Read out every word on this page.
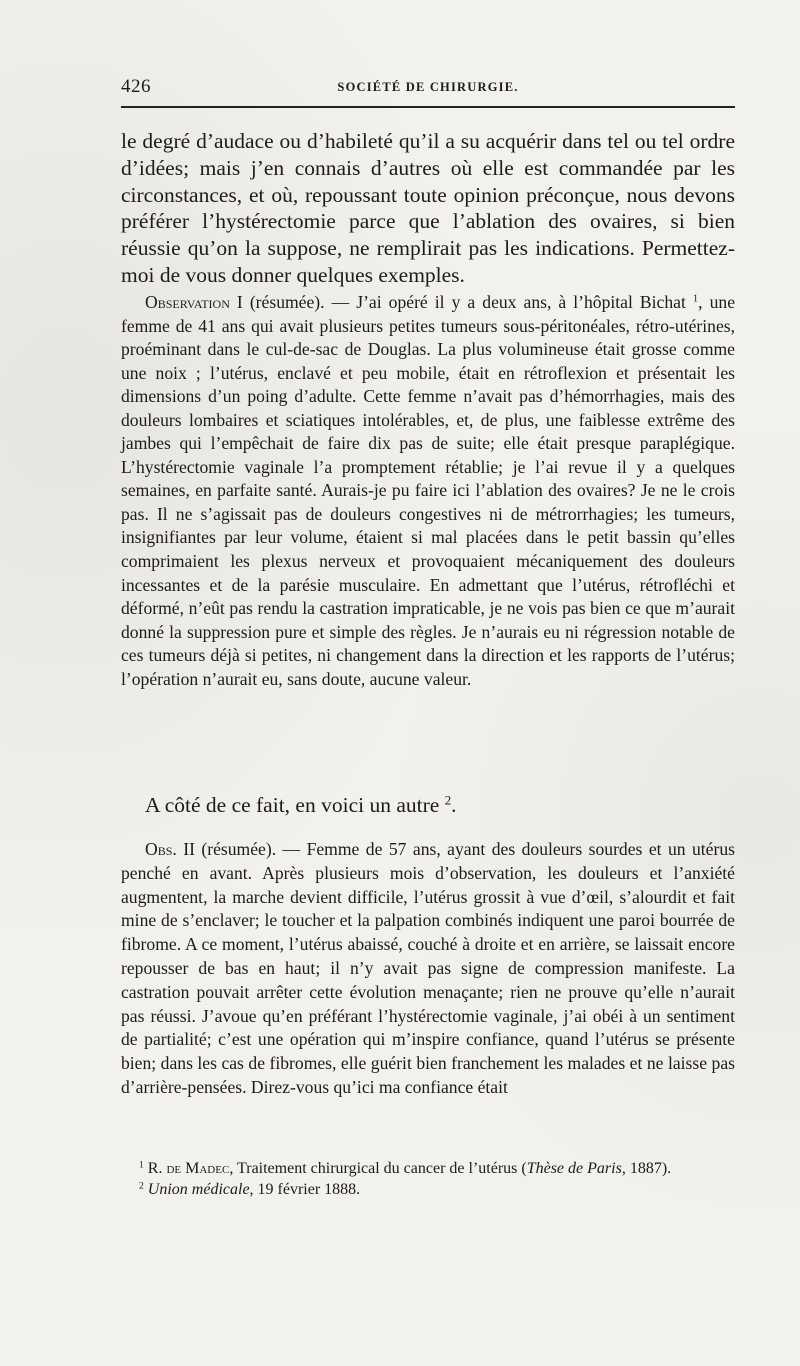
426	SOCIÉTÉ DE CHIRURGIE.

le degré d’audace ou d’habileté qu’il a su acquérir dans tel ou tel ordre d’idées; mais j’en connais d’autres où elle est commandée par les circonstances, et où, repoussant toute opinion préconçue, nous devons préférer l’hystérectomie parce que l’ablation des ovaires, si bien réussie qu’on la suppose, ne remplirait pas les indications. Permettez-moi de vous donner quelques exemples.

Observation I (résumée). — J’ai opéré il y a deux ans, à l’hôpital Bichat $^1$, une femme de 41 ans qui avait plusieurs petites tumeurs sous-péritonéales, rétro-utérines, proéminant dans le cul-de-sac de Douglas. La plus volumineuse était grosse comme une noix ; l’utérus, enclavé et peu mobile, était en rétroflexion et présentait les dimensions d’un poing d’adulte. Cette femme n’avait pas d’hémorrhagies, mais des douleurs lombaires et sciatiques intolérables, et, de plus, une faiblesse extrême des jambes qui l’empêchait de faire dix pas de suite; elle était presque paraplégique. L’hystérectomie vaginale l’a promptement rétablie; je l’ai revue il y a quelques semaines, en parfaite santé. Aurais-je pu faire ici l’ablation des ovaires? Je ne le crois pas. Il ne s’agissait pas de douleurs congestives ni de métrorrhagies; les tumeurs, insignifiantes par leur volume, étaient si mal placées dans le petit bassin qu’elles comprimaient les plexus nerveux et provoquaient mécaniquement des douleurs incessantes et de la parésie musculaire. En admettant que l’utérus, rétrofléchi et déformé, n’eût pas rendu la castration impraticable, je ne vois pas bien ce que m’aurait donné la suppression pure et simple des règles. Je n’aurais eu ni régression notable de ces tumeurs déjà si petites, ni changement dans la direction et les rapports de l’utérus; l’opération n’aurait eu, sans doute, aucune valeur.

A côté de ce fait, en voici un autre $^2$.

Obs. II (résumée). — Femme de 57 ans, ayant des douleurs sourdes et un utérus penché en avant. Après plusieurs mois d’observation, les douleurs et l’anxiété augmentent, la marche devient difficile, l’utérus grossit à vue d’œil, s’alourdit et fait mine de s’enclaver; le toucher et la palpation combinés indiquent une paroi bourrée de fibrome. A ce moment, l’utérus abaissé, couché à droite et en arrière, se laissait encore repousser de bas en haut; il n’y avait pas signe de compression manifeste. La castration pouvait arrêter cette évolution menaçante; rien ne prouve qu’elle n’aurait pas réussi. J’avoue qu’en préférant l’hystérectomie vaginale, j’ai obéi à un sentiment de partialité; c’est une opération qui m’inspire confiance, quand l’utérus se présente bien; dans les cas de fibromes, elle guérit bien franchement les malades et ne laisse pas d’arrière-pensées. Direz-vous qu’ici ma confiance était

$^1$ R. de Madec, Traitement chirurgical du cancer de l’utérus (Thèse de Paris, 1887).

$^2$ Union médicale, 19 février 1888.
